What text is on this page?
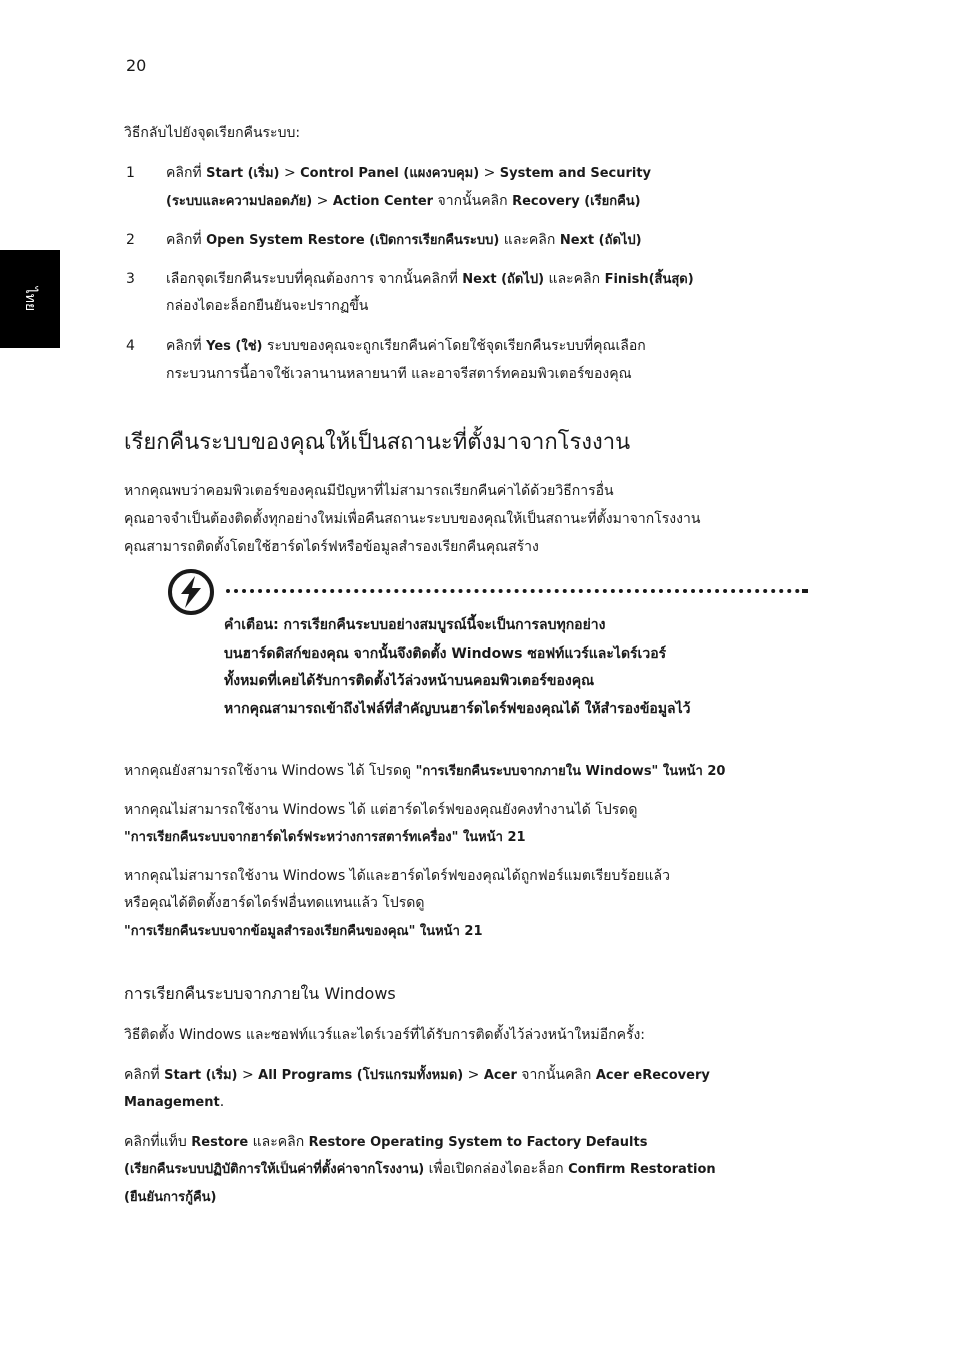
20
ไทย
วิธีกลับไปยังจุดเรียกคืนระบบ:
1 คลิกที่ Start (เริ่ม) > Control Panel (แผงควบคุม) > System and Security
(ระบบและความปลอดภัย) > Action Center จากนั้นคลิก Recovery (เรียกคืน)
2 คลิกที่ Open System Restore (เปิดการเรียกคืนระบบ) และคลิก Next (ถัดไป)
3 เลือกจุดเรียกคืนระบบที่คุณต้องการ จากนั้นคลิกที่ Next (ถัดไป) และคลิก Finish(สิ้นสุด)
กล่องไดอะล็อกยืนยันจะปรากฏขึ้น
4 คลิกที่ Yes (ใช่) ระบบของคุณจะถูกเรียกคืนค่าโดยใช้จุดเรียกคืนระบบที่คุณเลือก
กระบวนการนี้อาจใช้เวลานานหลายนาที และอาจรีสตาร์ทคอมพิวเตอร์ของคุณ
เรียกคืนระบบของคุณให้เป็นสถานะที่ตั้งมาจากโรงงาน
หากคุณพบว่าคอมพิวเตอร์ของคุณมีปัญหาที่ไม่สามารถเรียกคืนค่าได้ด้วยวิธีการอื่น
คุณอาจจำเป็นต้องติดตั้งทุกอย่างใหม่เพื่อคืนสถานะระบบของคุณให้เป็นสถานะที่ตั้งมาจากโรงงาน
คุณสามารถติดตั้งโดยใช้ฮาร์ดไดร์ฟหรือข้อมูลสำรองเรียกคืนคุณสร้าง
คำเตือน: การเรียกคืนระบบอย่างสมบูรณ์นี้จะเป็นการลบทุกอย่าง
บนฮาร์ดดิสก์ของคุณ จากนั้นจึงติดตั้ง Windows ซอฟท์แวร์และไดร์เวอร์
ทั้งหมดที่เคยได้รับการติดตั้งไว้ล่วงหน้าบนคอมพิวเตอร์ของคุณ
หากคุณสามารถเข้าถึงไฟล์ที่สำคัญบนฮาร์ดไดร์ฟของคุณได้ ให้สำรองข้อมูลไว้
หากคุณยังสามารถใช้งาน Windows ได้ โปรดดู "การเรียกคืนระบบจากภายใน Windows" ในหน้า 20
หากคุณไม่สามารถใช้งาน Windows ได้ แต่ฮาร์ดไดร์ฟของคุณยังคงทำงานได้ โปรดดู
"การเรียกคืนระบบจากฮาร์ดไดร์ฟระหว่างการสตาร์ทเครื่อง" ในหน้า 21
หากคุณไม่สามารถใช้งาน Windows ได้และฮาร์ดไดร์ฟของคุณได้ถูกฟอร์แมตเรียบร้อยแล้ว
หรือคุณได้ติดตั้งฮาร์ดไดร์ฟอื่นทดแทนแล้ว โปรดดู
"การเรียกคืนระบบจากข้อมูลสำรองเรียกคืนของคุณ" ในหน้า 21
การเรียกคืนระบบจากภายใน Windows
วิธีติดตั้ง Windows และซอฟท์แวร์และไดร์เวอร์ที่ได้รับการติดตั้งไว้ล่วงหน้าใหม่อีกครั้ง:
คลิกที่ Start (เริ่ม) > All Programs (โปรแกรมทั้งหมด) > Acer จากนั้นคลิก Acer eRecovery
Management.
คลิกที่แท็บ Restore และคลิก Restore Operating System to Factory Defaults
(เรียกคืนระบบปฏิบัติการให้เป็นค่าที่ตั้งค่าจากโรงงาน) เพื่อเปิดกล่องไดอะล็อก Confirm Restoration
(ยืนยันการกู้คืน)
